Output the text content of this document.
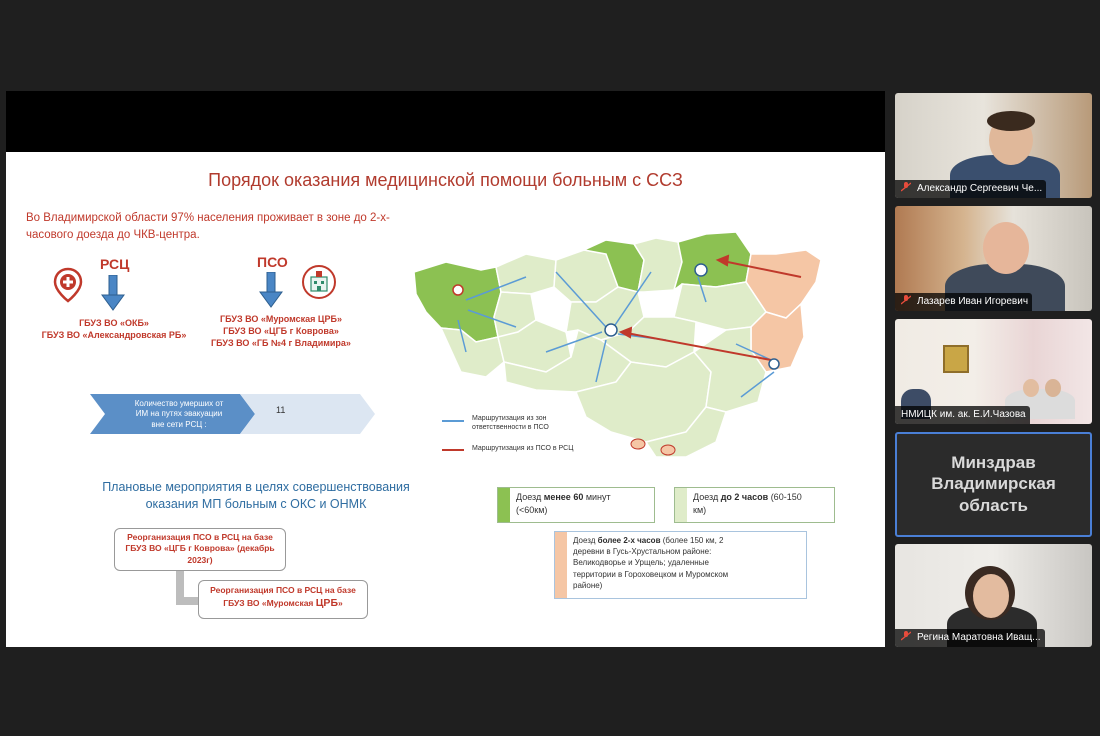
Порядок оказания медицинской помощи больным с ССЗ
Во Владимирской области 97% населения проживает в зоне до 2-х-
часового доезда до ЧКВ-центра.
РСЦ
ГБУЗ ВО «ОКБ»
ГБУЗ ВО «Александровская РБ»
ПСО
ГБУЗ ВО «Муромская ЦРБ»
ГБУЗ ВО «ЦГБ г Коврова»
ГБУЗ ВО «ГБ №4 г Владимира»
Количество умерших от
ИМ на путях эвакуации
вне сети РСЦ :
11
Плановые мероприятия в целях совершенствования
оказания МП больным с ОКС и ОНМК
Реорганизация ПСО в РСЦ на базе
ГБУЗ ВО «ЦГБ г Коврова» (декабрь
2023г)
Реорганизация ПСО в РСЦ на базе
ГБУЗ ВО «Муромская ЦРБ»
Маршрутизация из зон
ответственности в ПСО
Маршрутизация из ПСО в РСЦ
Доезд менее 60 минут
(<60км)
Доезд до 2 часов (60-150
км)
Доезд более 2-х часов (более 150 км, 2
деревни в Гусь-Хрустальном районе:
Великодворье и Урщель; удаленные
территории в Гороховецком и Муромском
районе)
Александр Сергеевич Че...
Лазарев Иван Игоревич
НМИЦК им. ак. Е.И.Чазова
Минздрав
Владимирская
область
Регина Маратовна Иващ...
